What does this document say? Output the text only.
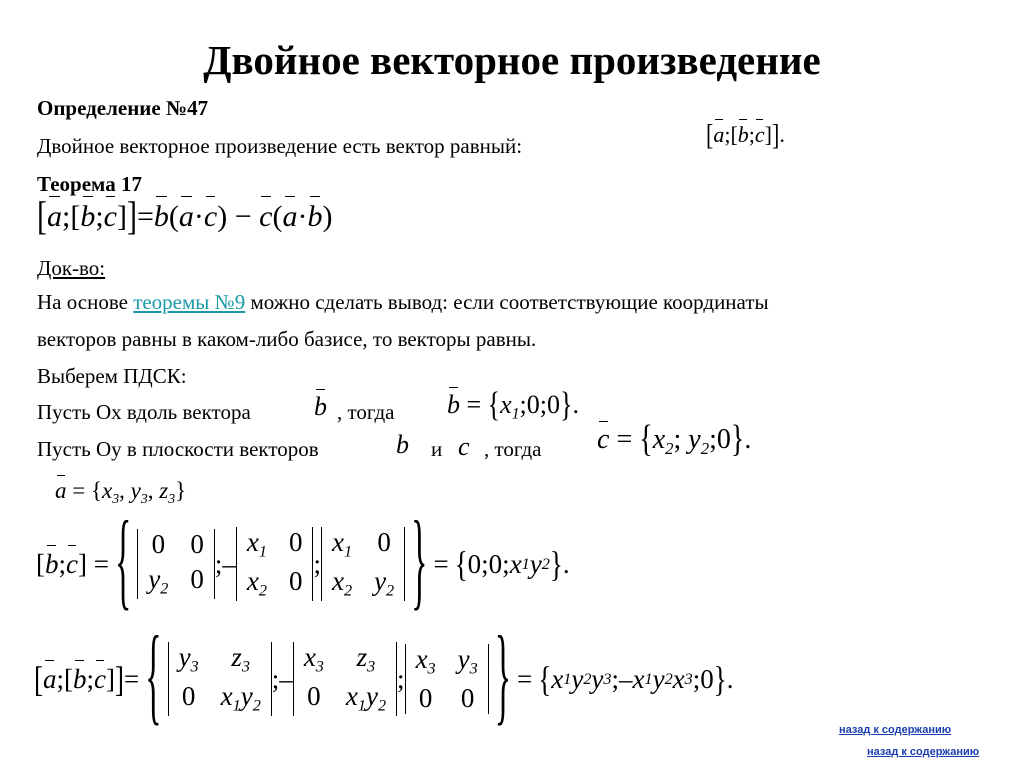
Двойное векторное произведение
Определение №47
Двойное векторное произведение есть вектор равный:	[a;[b;c]].
Теорема 17
[a;[b;c]]=b(a·c) − c(a·b)
Док-во:
На основе теоремы №9 можно сделать вывод: если соответствующие координаты
векторов равны в каком-либо базисе, то векторы равны.
Выберем ПДСК:
Пусть Ox вдоль вектора b , тогда $b = \{x_1;0;0\}$.
Пусть Oy в плоскости векторов	b и c , тогда $c = \{x_2$; $y_2;0$}.
$a = \{x_3$, $y_3$, $z_3$}
[ b ; c ] = { 0 0
$y_2$ 0
;–
$x_1$ 0
$x_2$ 0
;
$x_1$ 0
$x_2$ $y_2$ } = { 0;0; x 1 y 2 } .
[ a ;[ b ; c ] ] = { $y_3$	$z_3$
0 $x_1y_2$
;–
$x_3$	$z_3$
0 $x_1y_2$
;
$x_3$ $y_3$
0 0 } = { x 1 y 2 y 3 ;– x 1 y 2 x 3 ;0 } .
назад к содержанию
назад к содержанию
